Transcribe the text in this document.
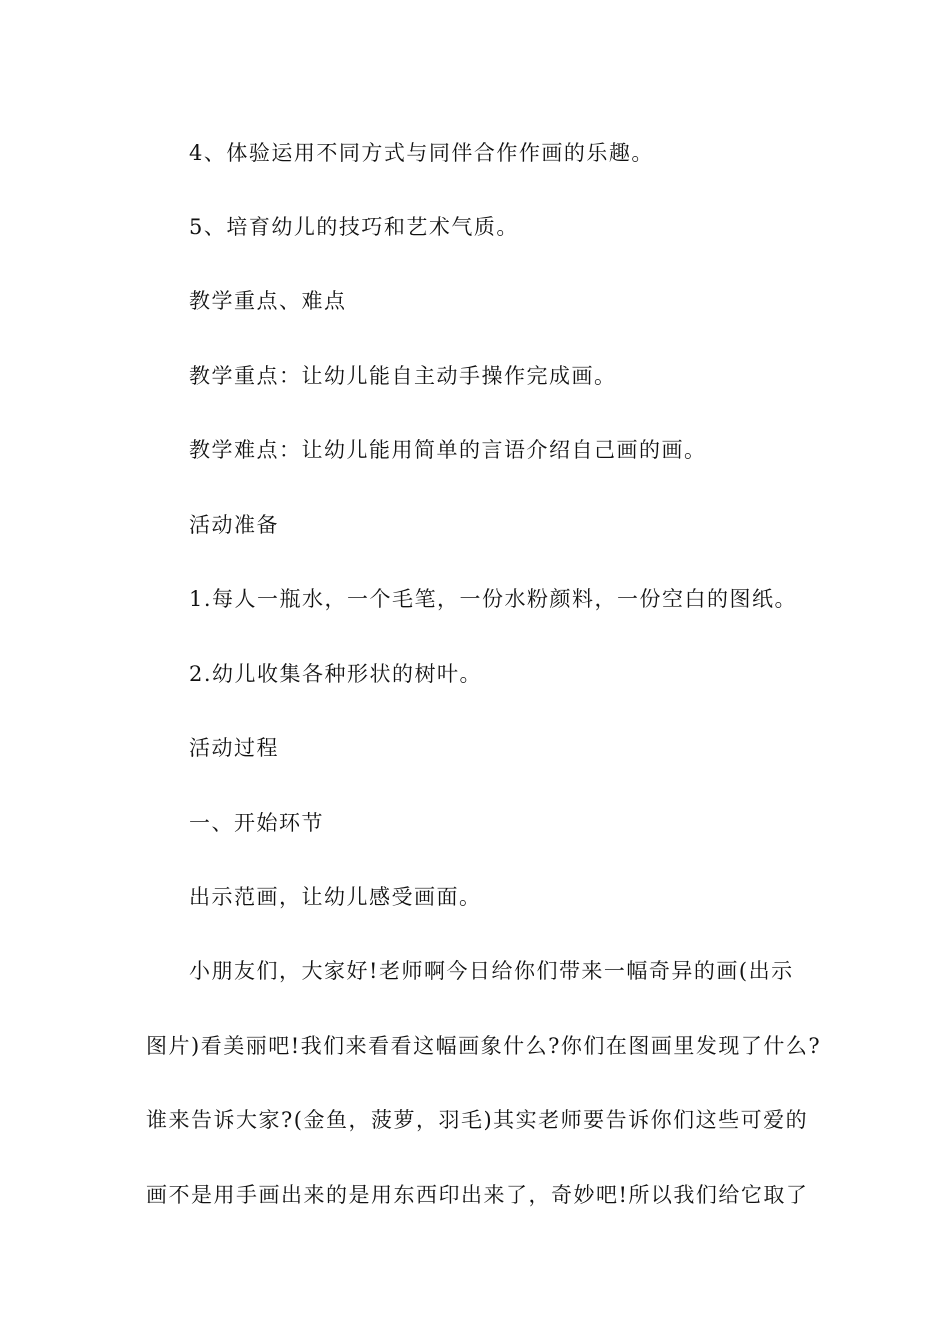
4、体验运用不同方式与同伴合作作画的乐趣。
5、培育幼儿的技巧和艺术气质。
教学重点、难点
教学重点：让幼儿能自主动手操作完成画。
教学难点：让幼儿能用简单的言语介绍自己画的画。
活动准备
1.每人一瓶水，一个毛笔，一份水粉颜料，一份空白的图纸。
2.幼儿收集各种形状的树叶。
活动过程
一、开始环节
出示范画，让幼儿感受画面。
小朋友们，大家好!老师啊今日给你们带来一幅奇异的画(出示
图片)看美丽吧!我们来看看这幅画象什么?你们在图画里发现了什么?
谁来告诉大家?(金鱼，菠萝，羽毛)其实老师要告诉你们这些可爱的
画不是用手画出来的是用东西印出来了，奇妙吧!所以我们给它取了
